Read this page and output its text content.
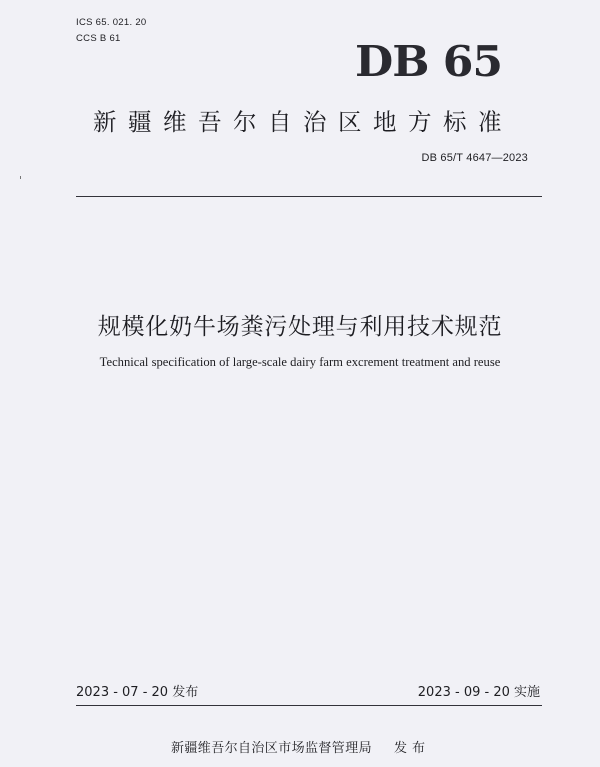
ICS 65. 021. 20

CCS B 61	DB 65

新疆维吾尔自治区地方标准

DB 65/T 4647—2023

规模化奶牛场粪污处理与利用技术规范

Technical specification of large-scale dairy farm excrement treatment and reuse

2023 - 07 - 20 发布	2023 - 09 - 20 实施

新疆维吾尔自治区市场监督管理局 发 布
